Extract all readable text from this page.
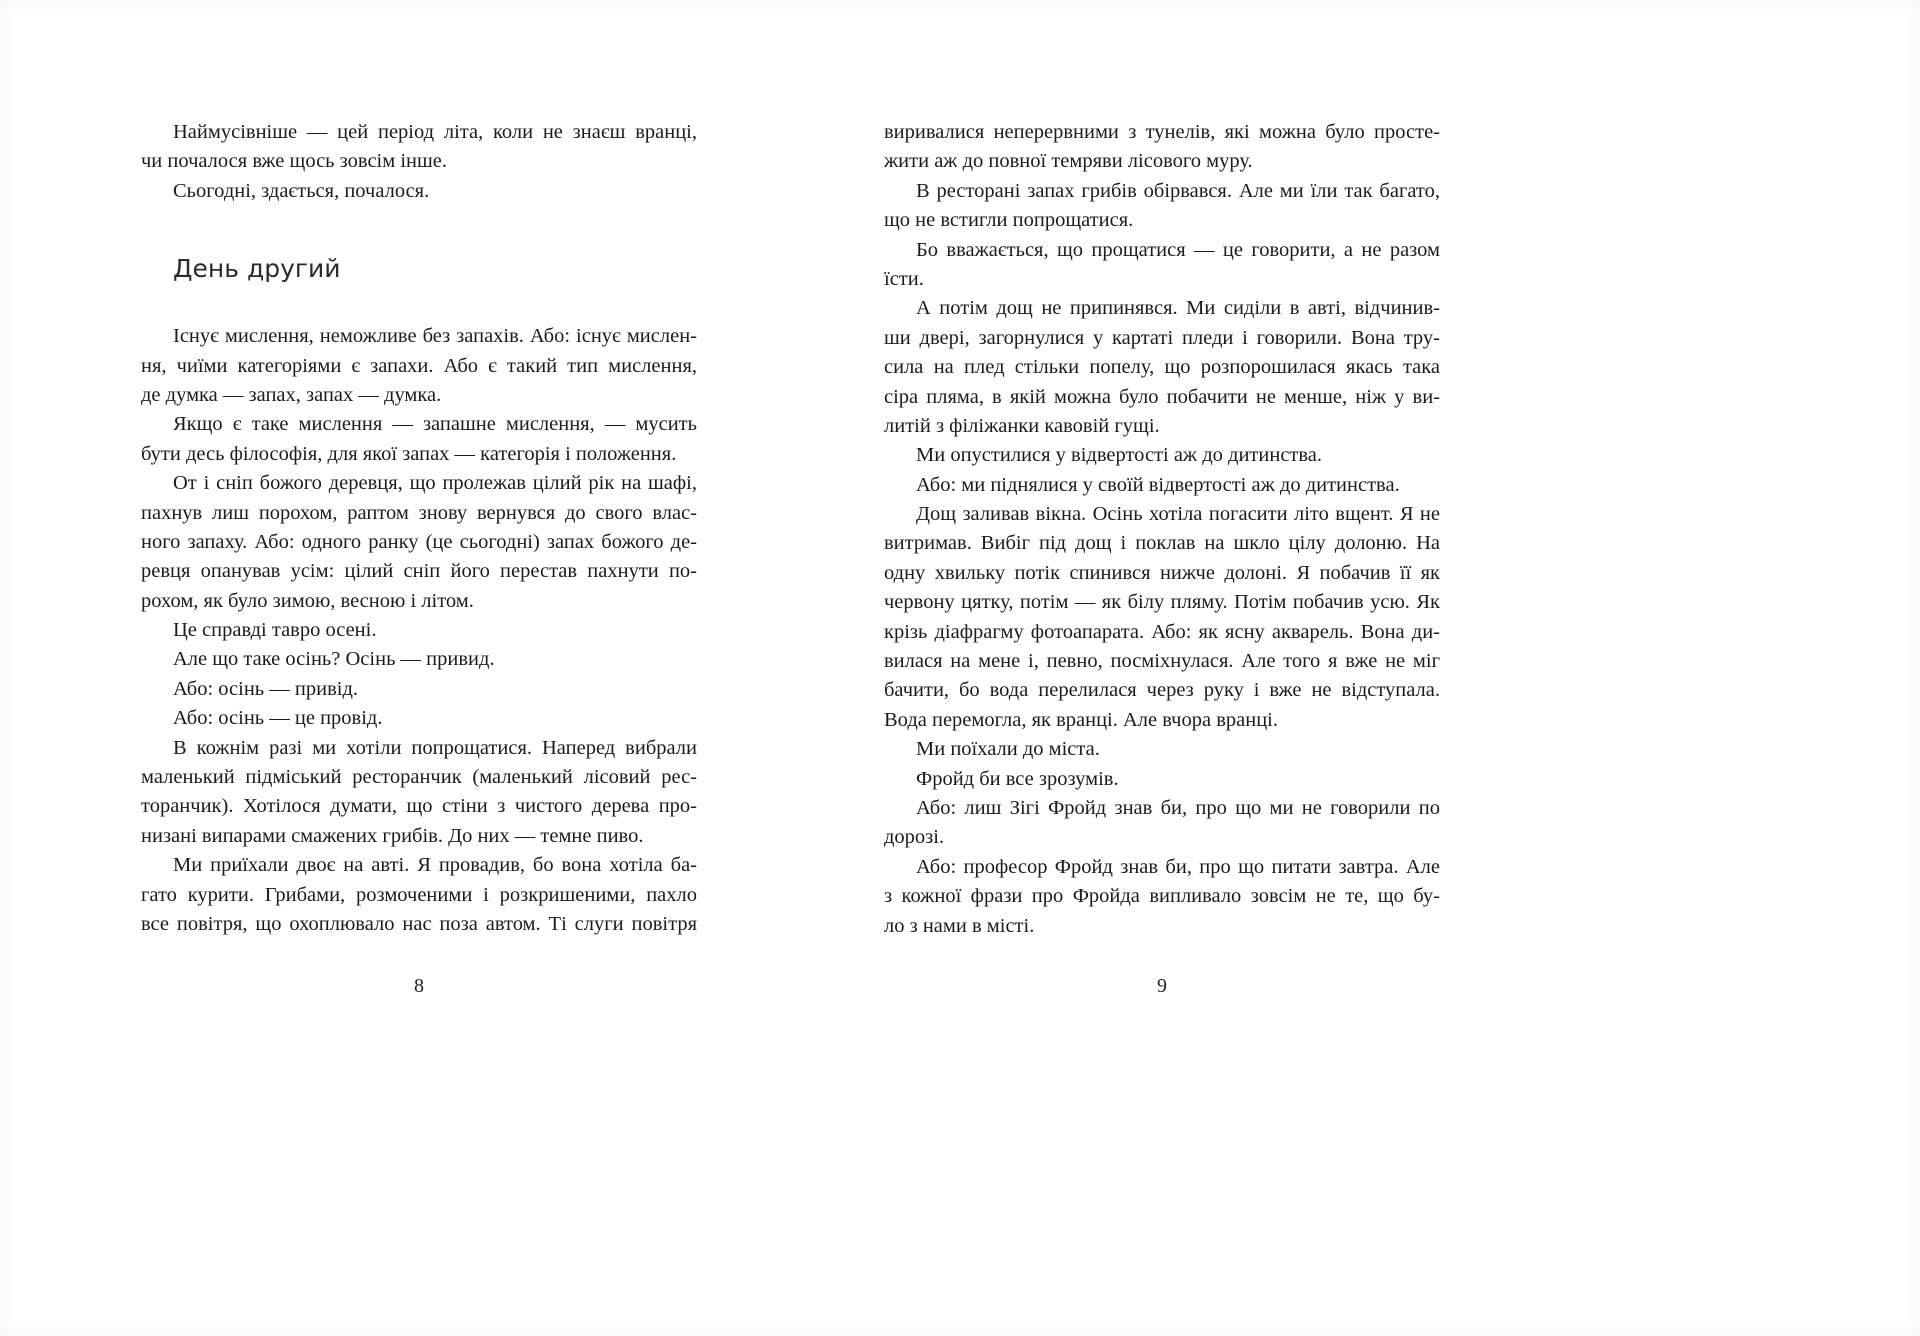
Наймусівніше — цей період літа, коли не знаєш вранці,
чи почалося вже щось зовсім інше.

Сьогодні, здається, почалося.

День другий

Існує мислення, неможливе без запахів. Або: існує мислен-
ня, чиїми категоріями є запахи. Або є такий тип мислення,
де думка — запах, запах — думка.

Якщо є таке мислення — запашне мислення, — мусить
бути десь філософія, для якої запах — категорія і положення.

От і сніп божого деревця, що пролежав цілий рік на шафі,
пахнув лиш порохом, раптом знову вернувся до свого влас-
ного запаху. Або: одного ранку (це сьогодні) запах божого де-
ревця опанував усім: цілий сніп його перестав пахнути по-
рохом, як було зимою, весною і літом.

Це справді тавро осені.

Але що таке осінь? Осінь — привид.

Або: осінь — привід.

Або: осінь — це провід.

В кожнім разі ми хотіли попрощатися. Наперед вибрали
маленький підміський ресторанчик (маленький лісовий рес-
торанчик). Хотілося думати, що стіни з чистого дерева про-
низані випарами смажених грибів. До них — темне пиво.

Ми приїхали двоє на авті. Я провадив, бо вона хотіла ба-
гато курити. Грибами, розмоченими і розкришеними, пахло
все повітря, що охоплювало нас поза автом. Ті слуги повітря

8

виривалися неперервними з тунелів, які можна було просте-
жити аж до повної темряви лісового муру.

В ресторані запах грибів обірвався. Але ми їли так багато,
що не встигли попрощатися.

Бо вважається, що прощатися — це говорити, а не разом
їсти.

А потім дощ не припинявся. Ми сиділи в авті, відчинив-
ши двері, загорнулися у картаті пледи і говорили. Вона тру-
сила на плед стільки попелу, що розпорошилася якась така
сіра пляма, в якій можна було побачити не менше, ніж у ви-
литій з філіжанки кавовій гущі.

Ми опустилися у відвертості аж до дитинства.

Або: ми піднялися у своїй відвертості аж до дитинства.

Дощ заливав вікна. Осінь хотіла погасити літо вщент. Я не
витримав. Вибіг під дощ і поклав на шкло цілу долоню. На
одну хвильку потік спинився нижче долоні. Я побачив її як
червону цятку, потім — як білу пляму. Потім побачив усю. Як
крізь діафрагму фотоапарата. Або: як ясну акварель. Вона ди-
вилася на мене і, певно, посміхнулася. Але того я вже не міг
бачити, бо вода перелилася через руку і вже не відступала.
Вода перемогла, як вранці. Але вчора вранці.

Ми поїхали до міста.

Фройд би все зрозумів.

Або: лиш Зігі Фройд знав би, про що ми не говорили по
дорозі.

Або: професор Фройд знав би, про що питати завтра. Але
з кожної фрази про Фройда випливало зовсім не те, що бу-
ло з нами в місті.

9
